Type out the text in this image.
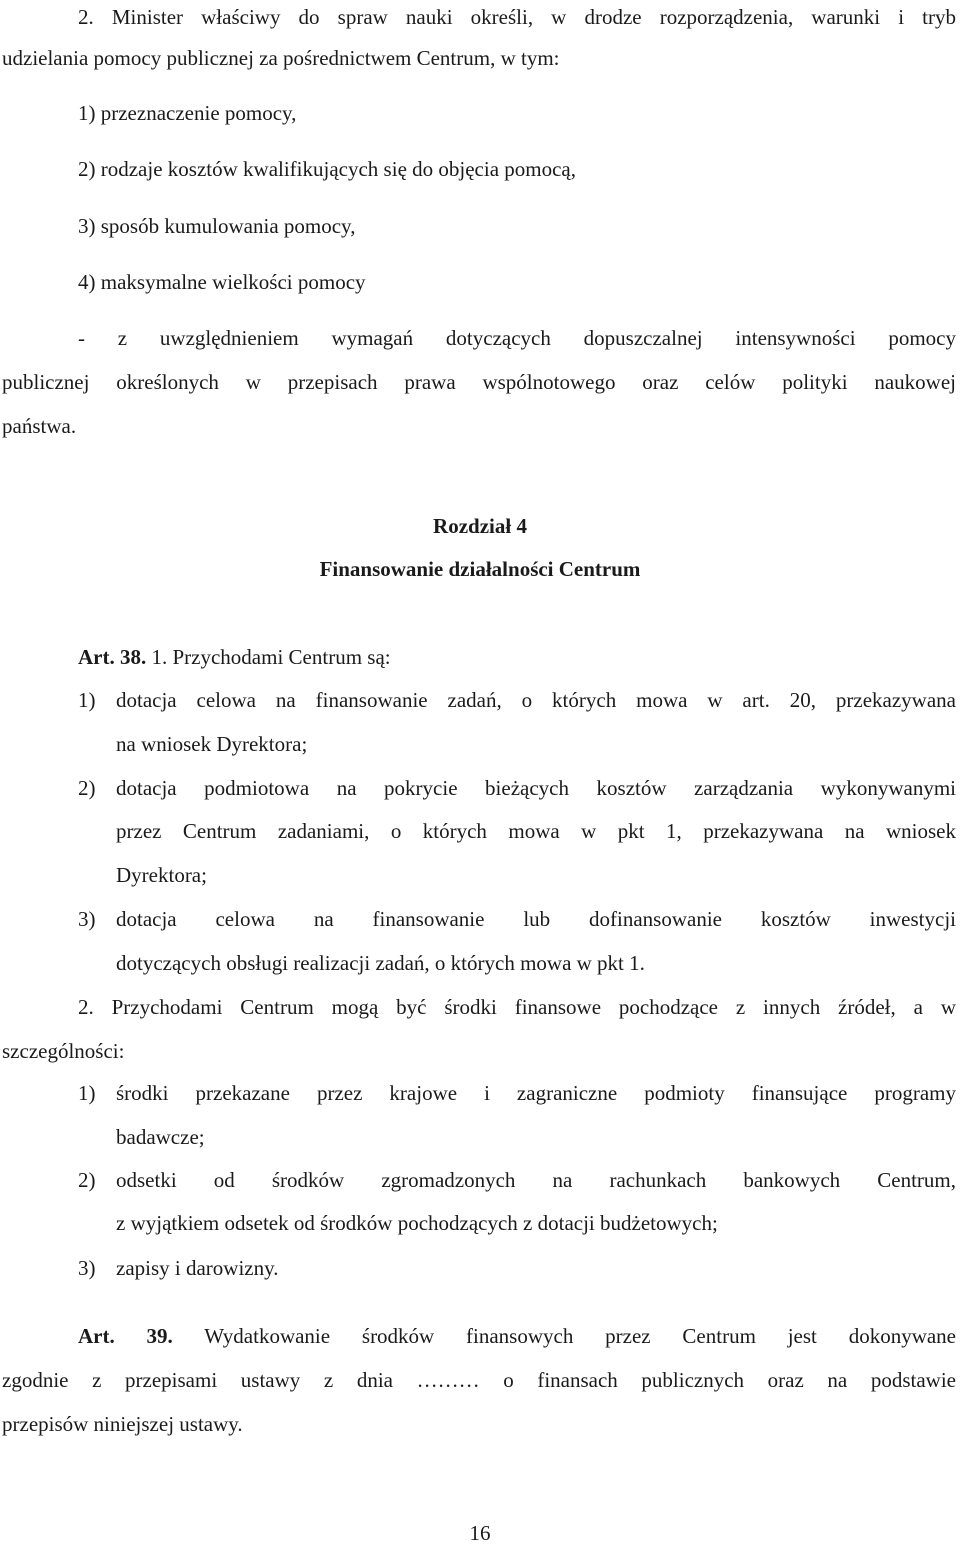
2. Minister właściwy do spraw nauki określi, w drodze rozporządzenia, warunki i tryb
udzielania pomocy publicznej za pośrednictwem Centrum, w tym:
1) przeznaczenie pomocy,
2) rodzaje kosztów kwalifikujących się do objęcia pomocą,
3) sposób kumulowania pomocy,
4) maksymalne wielkości pomocy
- z uwzględnieniem wymagań dotyczących dopuszczalnej intensywności pomocy
publicznej określonych w przepisach prawa wspólnotowego oraz celów polityki naukowej
państwa.
Rozdział 4
Finansowanie działalności Centrum
Art. 38. 1. Przychodami Centrum są:
1) dotacja celowa na finansowanie zadań, o których mowa w art. 20, przekazywana
na wniosek Dyrektora;
2) dotacja podmiotowa na pokrycie bieżących kosztów zarządzania wykonywanymi
przez Centrum zadaniami, o których mowa w pkt 1, przekazywana na wniosek
Dyrektora;
3) dotacja celowa na finansowanie lub dofinansowanie kosztów inwestycji
dotyczących obsługi realizacji zadań, o których mowa w pkt 1.
2. Przychodami Centrum mogą być środki finansowe pochodzące z innych źródeł, a w
szczególności:
1) środki przekazane przez krajowe i zagraniczne podmioty finansujące programy
badawcze;
2) odsetki od środków zgromadzonych na rachunkach bankowych Centrum,
z wyjątkiem odsetek od środków pochodzących z dotacji budżetowych;
3) zapisy i darowizny.
Art. 39. Wydatkowanie środków finansowych przez Centrum jest dokonywane
zgodnie z przepisami ustawy z dnia ……… o finansach publicznych oraz na podstawie
przepisów niniejszej ustawy.
16
